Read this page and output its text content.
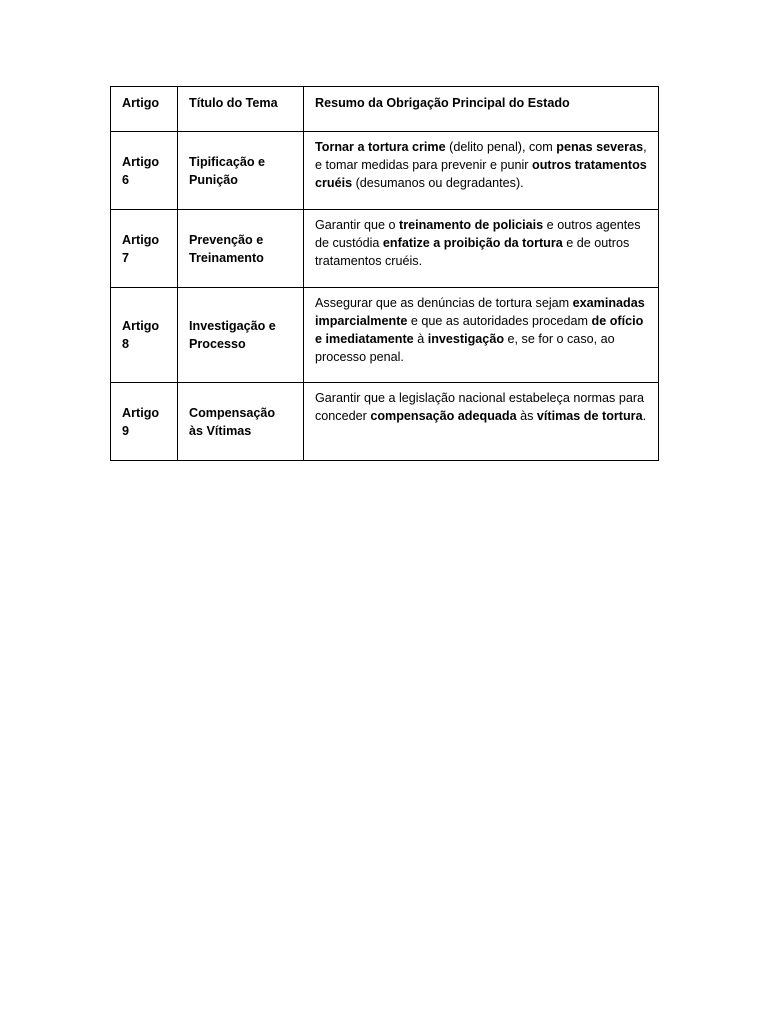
Artigo	Título do Tema	Resumo da Obrigação Principal do Estado
Artigo 6	Tipificação e Punição	Tornar a tortura crime (delito penal), com penas severas, e tomar medidas para prevenir e punir outros tratamentos cruéis (desumanos ou degradantes).
Artigo 7	Prevenção e Treinamento	Garantir que o treinamento de policiais e outros agentes de custódia enfatize a proibição da tortura e de outros tratamentos cruéis.
Artigo 8	Investigação e Processo	Assegurar que as denúncias de tortura sejam examinadas imparcialmente e que as autoridades procedam de ofício e imediatamente à investigação e, se for o caso, ao processo penal.
Artigo 9	Compensação às Vítimas	Garantir que a legislação nacional estabeleça normas para conceder compensação adequada às vítimas de tortura.
